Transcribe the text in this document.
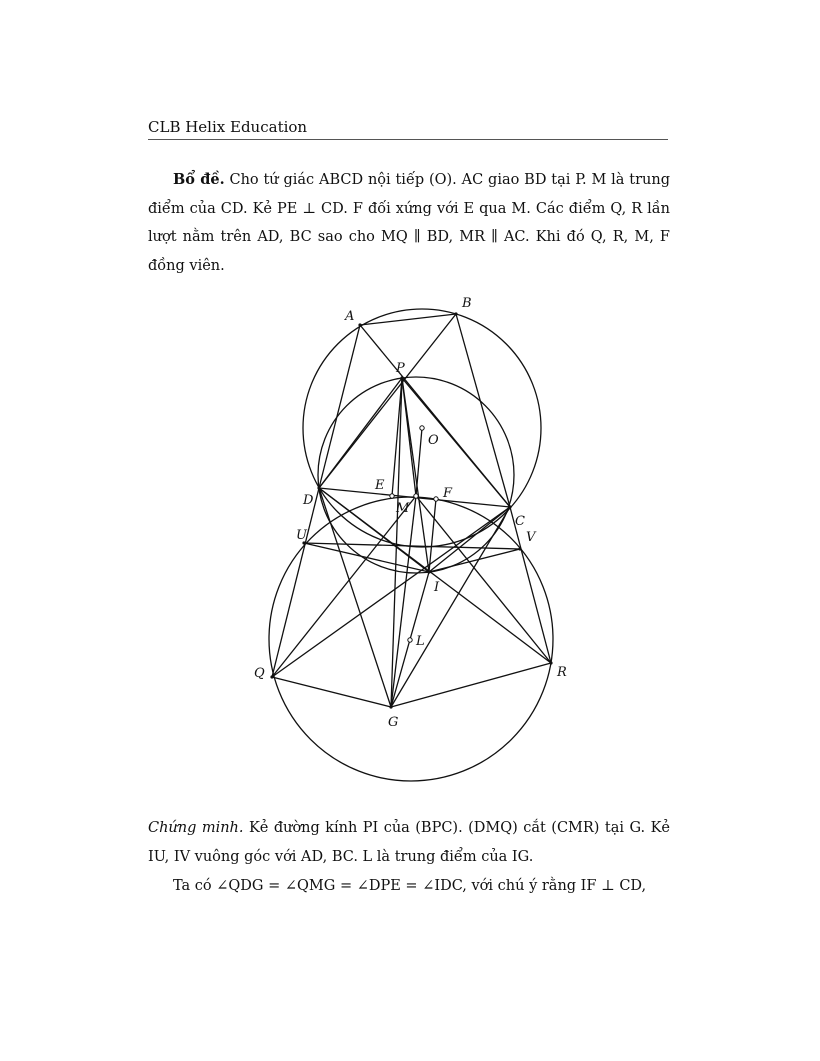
CLB Helix Education
Bổ đề. Cho tứ giác ABCD nội tiếp (O). AC giao BD tại P. M là trung điểm của CD. Kẻ PE ⊥ CD. F đối xứng với E qua M. Các điểm Q, R lần lượt nằm trên AD, BC sao cho MQ ∥ BD, MR ∥ AC. Khi đó Q, R, M, F đồng viên.
A
B
P
O
D
E
M
F
C
U	V
I
L
Q	R
G
Chứng minh. Kẻ đường kính PI của (BPC). (DMQ) cắt (CMR) tại G. Kẻ IU, IV vuông góc với AD, BC. L là trung điểm của IG.
Ta có ∠QDG = ∠QMG = ∠DPE = ∠IDC, với chú ý rằng IF ⊥ CD,
